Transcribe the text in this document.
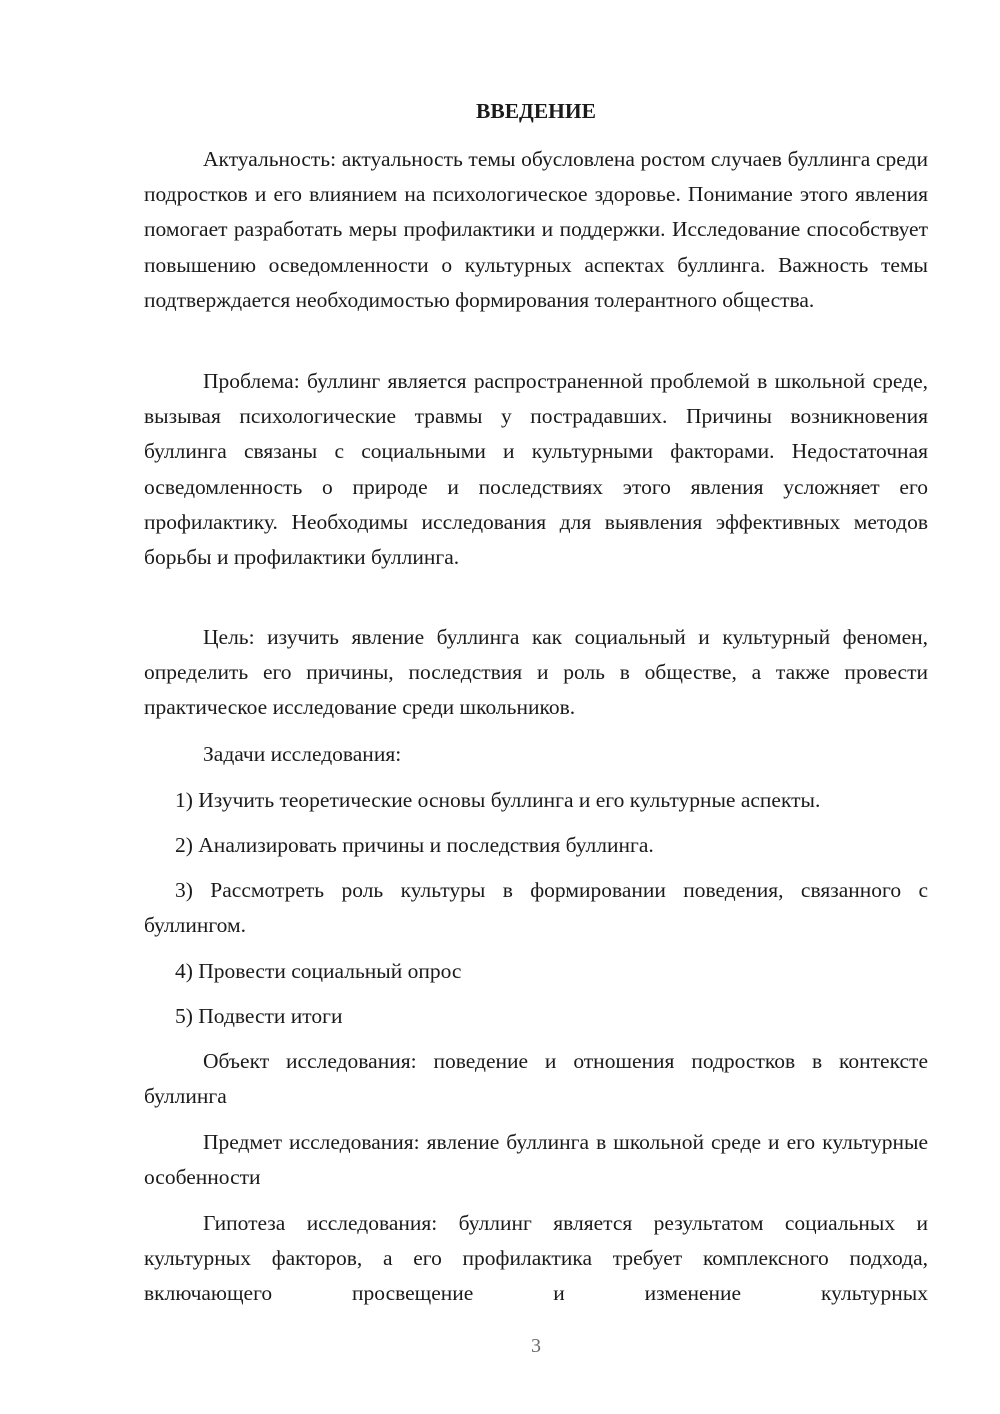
ВВЕДЕНИЕ

Актуальность: актуальность темы обусловлена ростом случаев буллинга среди подростков и его влиянием на психологическое здоровье. Понимание этого явления помогает разработать меры профилактики и поддержки. Исследование способствует повышению осведомленности о культурных аспектах буллинга. Важность темы подтверждается необходимостью формирования толерантного общества.

Проблема: буллинг является распространенной проблемой в школьной среде, вызывая психологические травмы у пострадавших. Причины возникновения буллинга связаны с социальными и культурными факторами. Недостаточная осведомленность о природе и последствиях этого явления усложняет его профилактику. Необходимы исследования для выявления эффективных методов борьбы и профилактики буллинга.

Цель: изучить явление буллинга как социальный и культурный феномен, определить его причины, последствия и роль в обществе, а также провести практическое исследование среди школьников.

Задачи исследования:

1) Изучить теоретические основы буллинга и его культурные аспекты.

2) Анализировать причины и последствия буллинга.

3) Рассмотреть роль культуры в формировании поведения, связанного с буллингом.

4) Провести социальный опрос

5) Подвести итоги

Объект исследования: поведение и отношения подростков в контексте буллинга

Предмет исследования: явление буллинга в школьной среде и его культурные особенности

Гипотеза исследования: буллинг является результатом социальных и культурных факторов, а его профилактика требует комплексного подхода, включающего просвещение и изменение культурных

3
